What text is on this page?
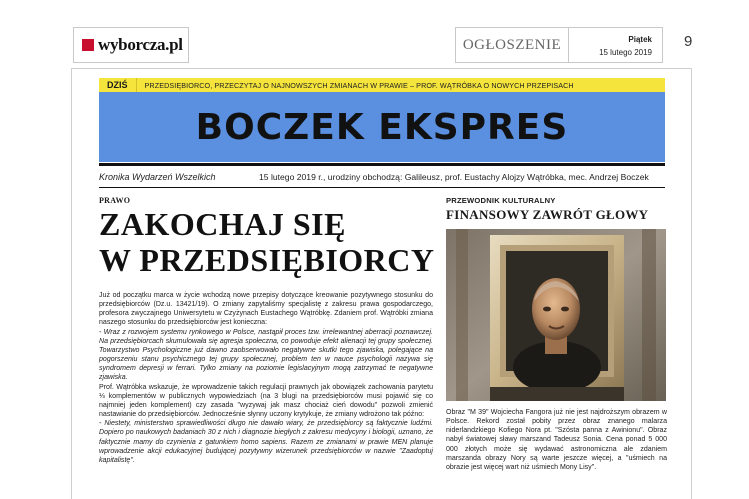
wyborcza.pl	OGŁOSZENIE	Piątek
15 lutego 2019
9
DZIŚ	PRZEDSIĘBIORCO, PRZECZYTAJ O NAJNOWSZYCH ZMIANACH W PRAWIE – PROF. WĄTRÓBKA O NOWYCH PRZEPISACH
BOCZEK EKSPRES
Kronika Wydarzeń Wszelkich	15 lutego 2019 r., urodziny obchodzą: Galileusz, prof. Eustachy Alojzy Wątróbka, mec. Andrzej Boczek
PRAWO
ZAKOCHAJ SIĘ
W PRZEDSIĘBIORCY

Już od początku marca w życie wchodzą nowe przepisy dotyczące kreowanie pozytywnego stosunku do przedsiębiorców (Dz.u. 13421/19). O zmiany zapytaliśmy specjalistę z zakresu prawa gospodarczego, profesora zwyczajnego Uniwersytetu w Czyżynach Eustachego Wątróbkę. Zdaniem prof. Wątróbki zmiana naszego stosunku do przedsiębiorców jest konieczna:

- Wraz z rozwojem systemu rynkowego w Polsce, nastąpił proces tzw. irrelewantnej aberracji poznawczej. Na przedsiębiorcach skumulowała się agresja społeczna, co powoduje efekt alienacji tej grupy społecznej. Towarzystwo Psychologiczne już dawno zaobserwowało negatywne skutki tego zjawiska, polegające na pogorszeniu stanu psychicznego tej grupy społecznej, problem ten w nauce psychologii nazywa się syndromem depresji w ferrari. Tylko zmiany na poziomie legislacyjnym mogą zatrzymać te negatywne zjawiska.

Prof. Wątróbka wskazuje, że wprowadzenie takich regulacji prawnych jak obowiązek zachowania parytetu ⅓ komplementów w publicznych wypowiedziach (na 3 blugi na przedsiębiorców musi pojawić się co najmniej jeden komplement) czy zasada "wyzywaj jak masz chociaż cień dowodu" pozwoli zmienić nastawianie do przedsiębiorców. Jednocześnie słynny uczony krytykuje, że zmiany wdrożono tak późno:

- Niestety, ministerstwo sprawiedliwości długo nie dawało wiary, że przedsiębiorcy są faktycznie ludźmi. Dopiero po naukowych badaniach 30 z nich i diagnozie biegłych z zakresu medycyny i biologii, uznano, że faktycznie mamy do czynienia z gatunkiem homo sapiens. Razem ze zmianami w prawie MEN planuje wprowadzenie akcji edukacyjnej budującej pozytywny wizerunek przedsiębiorców w nazwie "Zaadoptuj kapitalistę".

PRZEWODNIK KULTURALNY
FINANSOWY ZAWRÓT GŁOWY
Obraz "M 39" Wojciecha Fangora już nie jest najdroższym obrazem w Polsce. Rekord został pobity przez obraz znanego malarza niderlandzkiego Kofiego Nora pt. "Szósta panna z Awinionu". Obraz nabył światowej sławy marszand Tadeusz Sonia. Cena ponad 5 000 000 złotych może się wydawać astronomiczna ale zdaniem marszanda obrazy Nory są warte jeszcze więcej, a "uśmiech na obrazie jest więcej wart niż uśmiech Mony Lisy".
